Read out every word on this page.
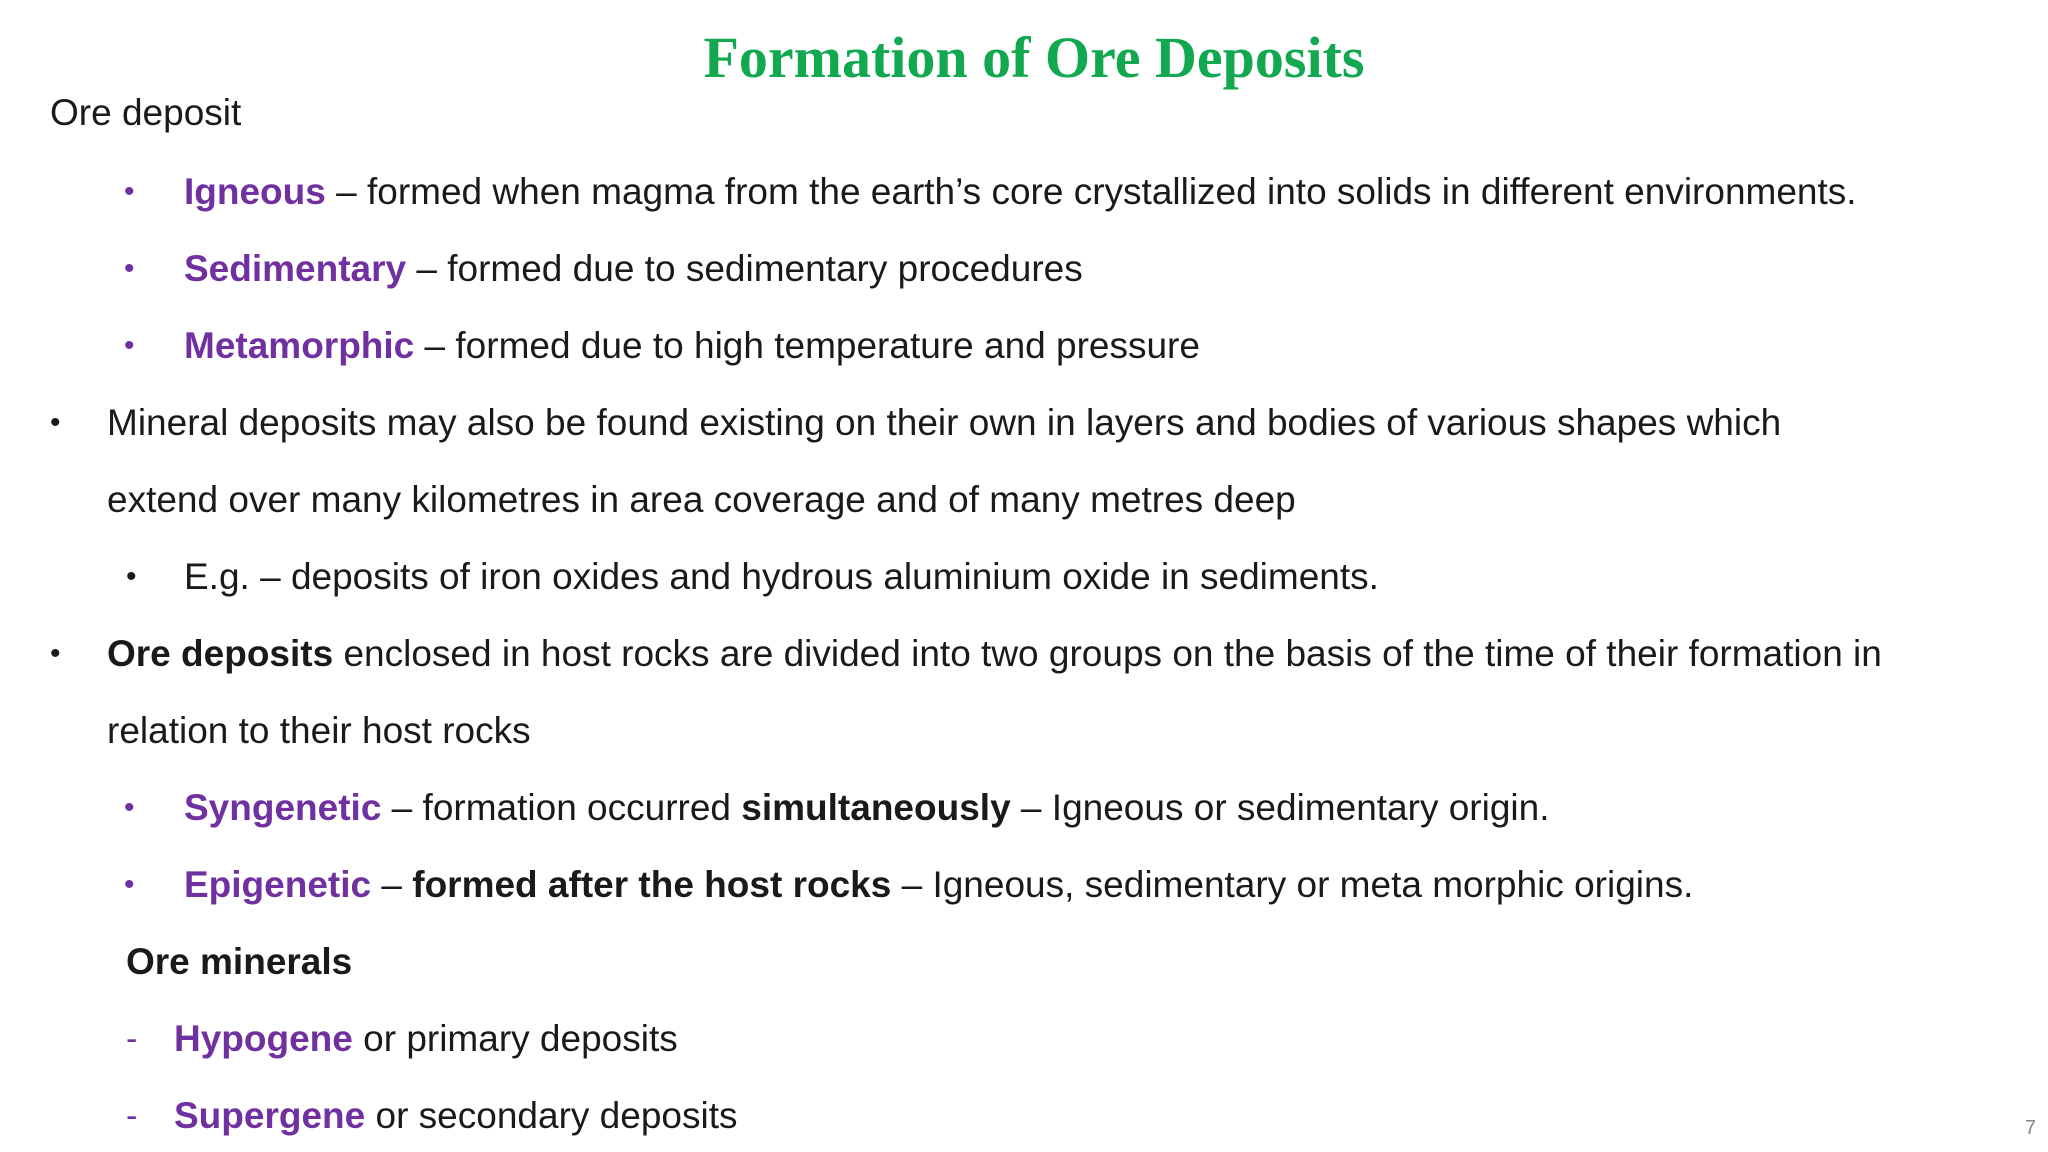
Formation of Ore Deposits
Ore deposit
• Igneous – formed when magma from the earth’s core crystallized into solids in different environments.
• Sedimentary – formed due to sedimentary procedures
• Metamorphic – formed due to high temperature and pressure
• Mineral deposits may also be found existing on their own in layers and bodies of various shapes which
extend over many kilometres in area coverage and of many metres deep
• E.g. – deposits of iron oxides and hydrous aluminium oxide in sediments.
• Ore deposits enclosed in host rocks are divided into two groups on the basis of the time of their formation in
relation to their host rocks
• Syngenetic – formation occurred simultaneously – Igneous or sedimentary origin.
• Epigenetic – formed after the host rocks – Igneous, sedimentary or meta morphic origins.
Ore minerals
- Hypogene or primary deposits
- Supergene or secondary deposits	7
